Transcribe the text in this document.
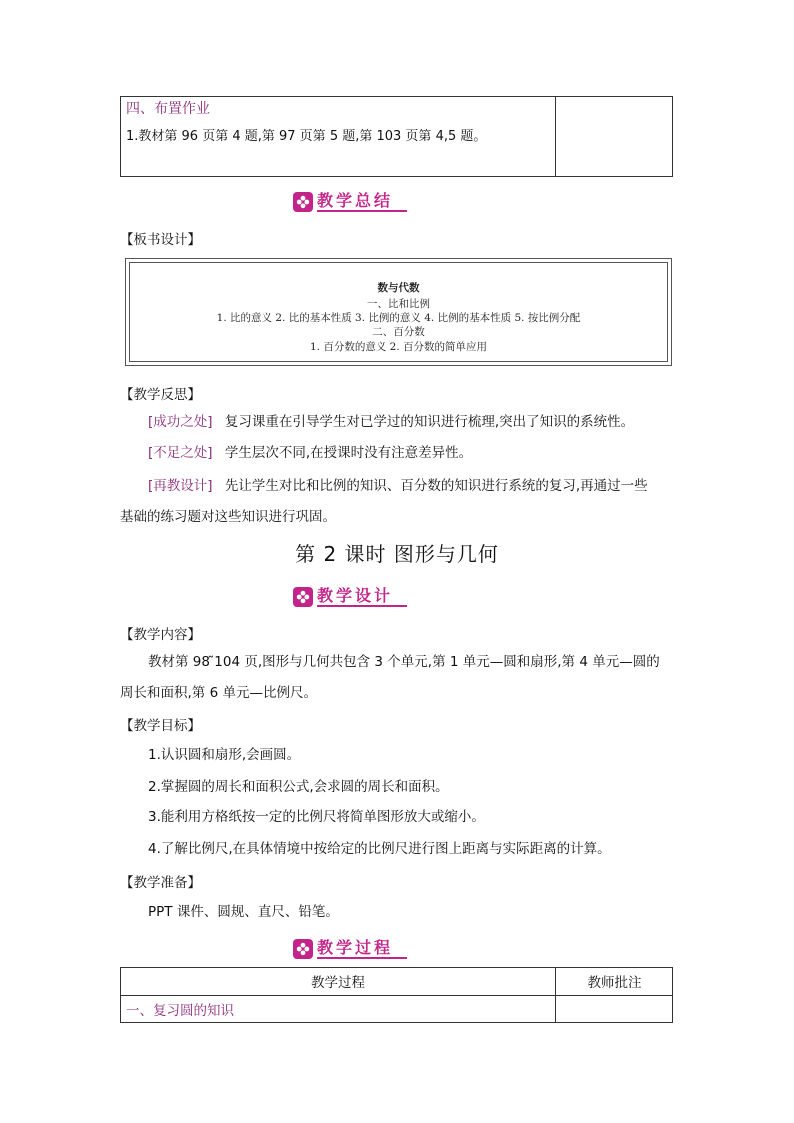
四、布置作业
1.教材第 96 页第 4 题,第 97 页第 5 题,第 103 页第 4,5 题。
教学总结
【板书设计】
数与代数
一、比和比例
1. 比的意义 2. 比的基本性质 3. 比例的意义 4. 比例的基本性质 5. 按比例分配
二、百分数
1. 百分数的意义 2. 百分数的简单应用
【教学反思】
[成功之处] 复习课重在引导学生对已学过的知识进行梳理,突出了知识的系统性。
[不足之处] 学生层次不同,在授课时没有注意差异性。
[再教设计] 先让学生对比和比例的知识、百分数的知识进行系统的复习,再通过一些
基础的练习题对这些知识进行巩固。
第 2 课时 图形与几何
教学设计
【教学内容】
教材第 98 ̃104 页,图形与几何共包含 3 个单元,第 1 单元—圆和扇形,第 4 单元—圆的
周长和面积,第 6 单元—比例尺。
【教学目标】
1.认识圆和扇形,会画圆。
2.掌握圆的周长和面积公式,会求圆的周长和面积。
3.能利用方格纸按一定的比例尺将简单图形放大或缩小。
4.了解比例尺,在具体情境中按给定的比例尺进行图上距离与实际距离的计算。
【教学准备】
PPT 课件、圆规、直尺、铅笔。
教学过程
教学过程	教师批注
一、复习圆的知识
